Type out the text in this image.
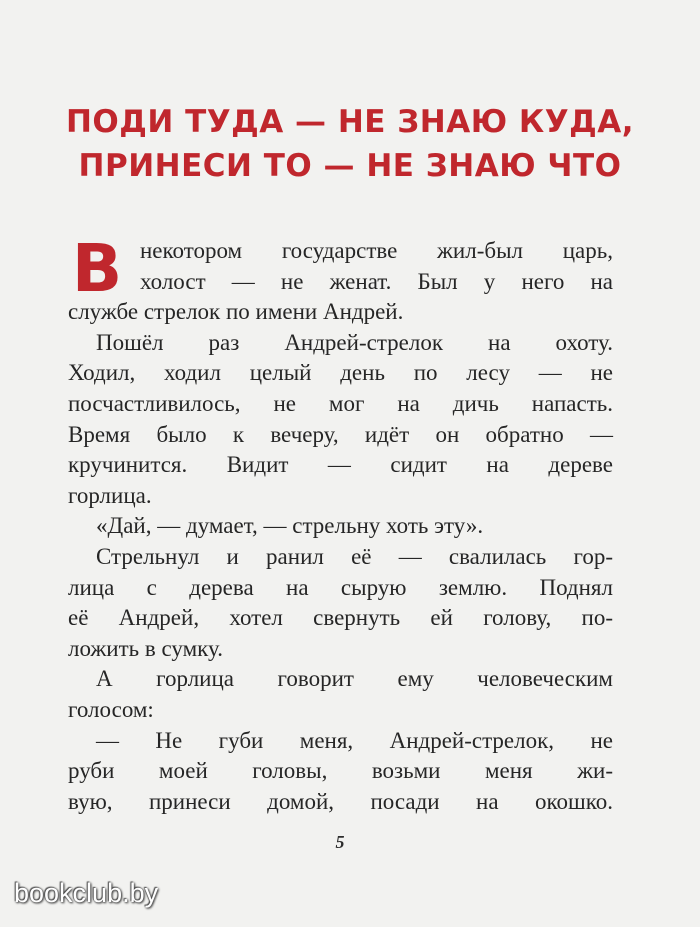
ПОДИ ТУДА — НЕ ЗНАЮ КУДА,
ПРИНЕСИ ТО — НЕ ЗНАЮ ЧТО
В некотором государстве жил-был царь,
холост — не женат. Был у него на
службе стрелок по имени Андрей.
Пошёл раз Андрей-стрелок на охоту.
Ходил, ходил целый день по лесу — не
посчастливилось, не мог на дичь напасть.
Время было к вечеру, идёт он обратно —
кручинится. Видит — сидит на дереве
горлица.
«Дай, — думает, — стрельну хоть эту».
Стрельнул и ранил её — свалилась гор-
лица с дерева на сырую землю. Поднял
её Андрей, хотел свернуть ей голову, по-
ложить в сумку.
А горлица говорит ему человеческим
голосом:
— Не губи меня, Андрей-стрелок, не
руби моей головы, возьми меня жи-
вую, принеси домой, посади на окошко.
5
bookclub.by
